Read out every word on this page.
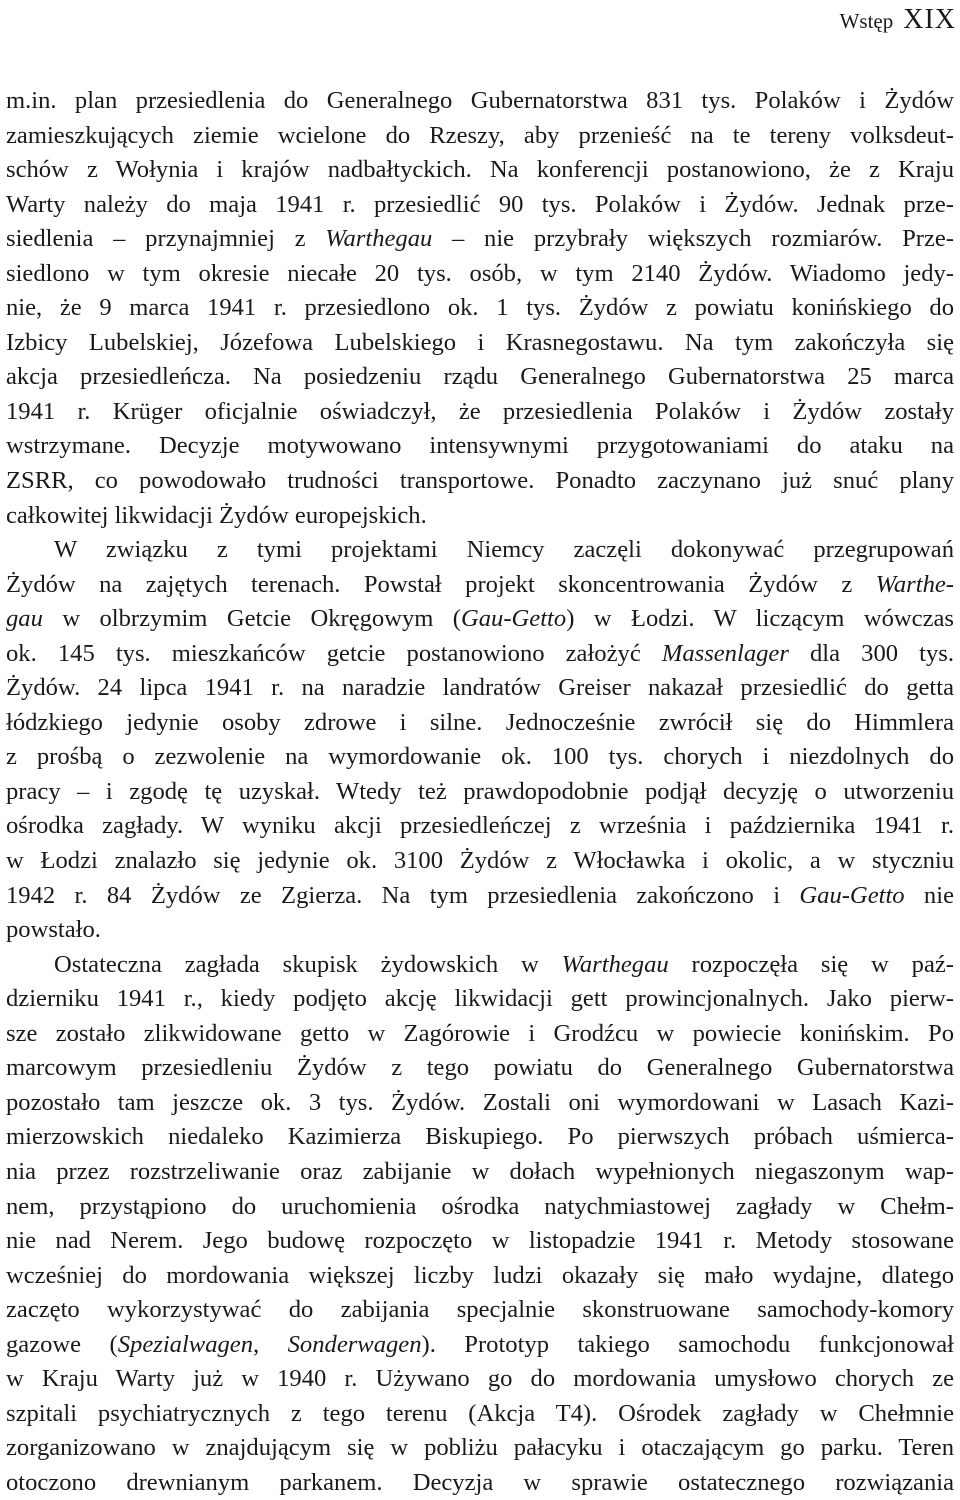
Wstęp XIX
m.in. plan przesiedlenia do Generalnego Gubernatorstwa 831 tys. Polaków i Żydów
zamieszkujących ziemie wcielone do Rzeszy, aby przenieść na te tereny volksdeut-
schów z Wołynia i krajów nadbałtyckich. Na konferencji postanowiono, że z Kraju
Warty należy do maja 1941 r. przesiedlić 90 tys. Polaków i Żydów. Jednak prze-
siedlenia – przynajmniej z Warthegau – nie przybrały większych rozmiarów. Prze-
siedlono w tym okresie niecałe 20 tys. osób, w tym 2140 Żydów. Wiadomo jedy-
nie, że 9 marca 1941 r. przesiedlono ok. 1 tys. Żydów z powiatu konińskiego do
Izbicy Lubelskiej, Józefowa Lubelskiego i Krasnegostawu. Na tym zakończyła się
akcja przesiedleńcza. Na posiedzeniu rządu Generalnego Gubernatorstwa 25 marca
1941 r. Krüger oficjalnie oświadczył, że przesiedlenia Polaków i Żydów zostały
wstrzymane. Decyzje motywowano intensywnymi przygotowaniami do ataku na
ZSRR, co powodowało trudności transportowe. Ponadto zaczynano już snuć plany
całkowitej likwidacji Żydów europejskich.
W związku z tymi projektami Niemcy zaczęli dokonywać przegrupowań
Żydów na zajętych terenach. Powstał projekt skoncentrowania Żydów z Warthe-
gau w olbrzymim Getcie Okręgowym (Gau-Getto) w Łodzi. W liczącym wówczas
ok. 145 tys. mieszkańców getcie postanowiono założyć Massenlager dla 300 tys.
Żydów. 24 lipca 1941 r. na naradzie landratów Greiser nakazał przesiedlić do getta
łódzkiego jedynie osoby zdrowe i silne. Jednocześnie zwrócił się do Himmlera
z prośbą o zezwolenie na wymordowanie ok. 100 tys. chorych i niezdolnych do
pracy – i zgodę tę uzyskał. Wtedy też prawdopodobnie podjął decyzję o utworzeniu
ośrodka zagłady. W wyniku akcji przesiedleńczej z września i października 1941 r.
w Łodzi znalazło się jedynie ok. 3100 Żydów z Włocławka i okolic, a w styczniu
1942 r. 84 Żydów ze Zgierza. Na tym przesiedlenia zakończono i Gau-Getto nie
powstało.
Ostateczna zagłada skupisk żydowskich w Warthegau rozpoczęła się w paź-
dzierniku 1941 r., kiedy podjęto akcję likwidacji gett prowincjonalnych. Jako pierw-
sze zostało zlikwidowane getto w Zagórowie i Grodźcu w powiecie konińskim. Po
marcowym przesiedleniu Żydów z tego powiatu do Generalnego Gubernatorstwa
pozostało tam jeszcze ok. 3 tys. Żydów. Zostali oni wymordowani w Lasach Kazi-
mierzowskich niedaleko Kazimierza Biskupiego. Po pierwszych próbach uśmierca-
nia przez rozstrzeliwanie oraz zabijanie w dołach wypełnionych niegaszonym wap-
nem, przystąpiono do uruchomienia ośrodka natychmiastowej zagłady w Chełm-
nie nad Nerem. Jego budowę rozpoczęto w listopadzie 1941 r. Metody stosowane
wcześniej do mordowania większej liczby ludzi okazały się mało wydajne, dlatego
zaczęto wykorzystywać do zabijania specjalnie skonstruowane samochody-komory
gazowe (Spezialwagen, Sonderwagen). Prototyp takiego samochodu funkcjonował
w Kraju Warty już w 1940 r. Używano go do mordowania umysłowo chorych ze
szpitali psychiatrycznych z tego terenu (Akcja T4). Ośrodek zagłady w Chełmnie
zorganizowano w znajdującym się w pobliżu pałacyku i otaczającym go parku. Teren
otoczono drewnianym parkanem. Decyzja w sprawie ostatecznego rozwiązania
